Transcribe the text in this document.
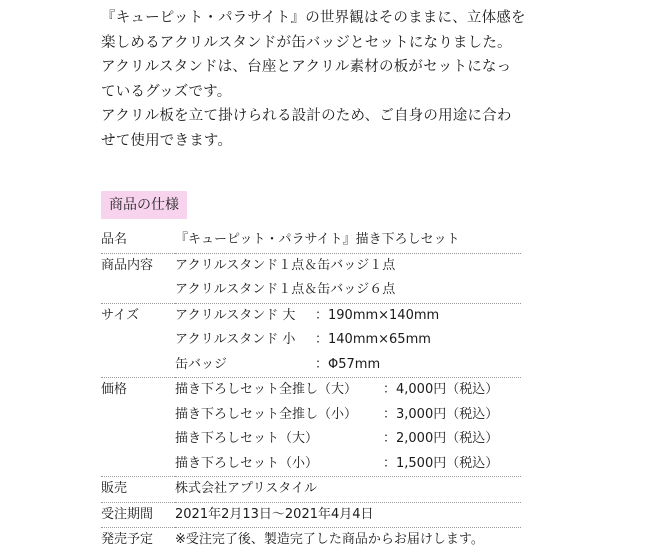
『キューピット・パラサイト』の世界観はそのままに、立体感を

楽しめるアクリルスタンドが缶バッジとセットになりました。

アクリルスタンドは、台座とアクリル素材の板がセットになっ

ているグッズです。

アクリル板を立て掛けられる設計のため、ご自身の用途に合わ

せて使用できます。

商品の仕様
品名	『キューピット・パラサイト』描き下ろしセット

商品内容	アクリルスタンド１点＆缶バッジ１点
アクリルスタンド１点＆缶バッジ６点

サイズ	アクリルスタンド 大 ：190mm×140mm
アクリルスタンド 小 ：140mm×65mm
缶バッジ ：Φ57mm

価格	描き下ろしセット全推し（大） ：4,000円（税込）
描き下ろしセット全推し（小） ：3,000円（税込）
描き下ろしセット（大） ：2,000円（税込）
描き下ろしセット（小） ：1,500円（税込）

販売	株式会社アプリスタイル

受注期間	2021年2月13日～2021年4月4日

発売予定	※受注完了後、製造完了した商品からお届けします。
